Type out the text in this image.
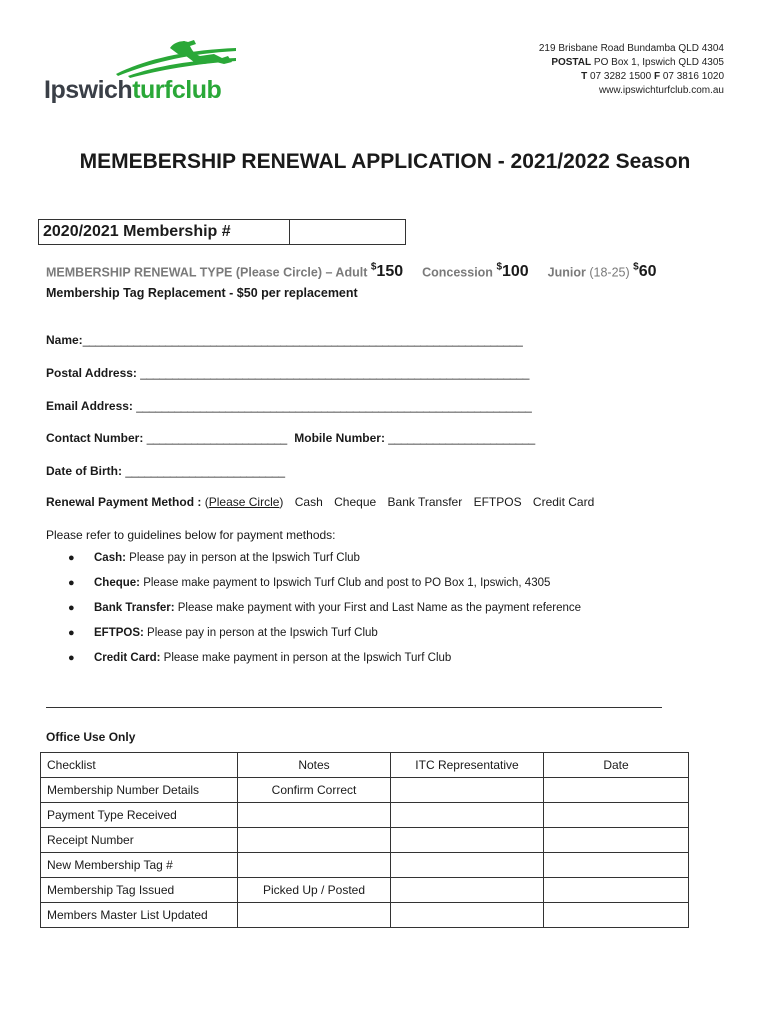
Ipswichturfclub
219 Brisbane Road Bundamba QLD 4304
POSTAL PO Box 1, Ipswich QLD 4305
T 07 3282 1500 F 07 3816 1020
www.ipswichturfclub.com.au
MEMEBERSHIP RENEWAL APPLICATION - 2021/2022 Season
2020/2021 Membership #
MEMBERSHIP RENEWAL TYPE (Please Circle) – Adult $150 Concession $100 Junior (18-25) $60
Membership Tag Replacement - $50 per replacement
Name:_____________________________________________________________________
Postal Address: _____________________________________________________________
Email Address: ______________________________________________________________
Contact Number: ______________________ Mobile Number: _______________________
Date of Birth: _________________________
Renewal Payment Method : (Please Circle) Cash Cheque Bank Transfer EFTPOS Credit Card
Please refer to guidelines below for payment methods:
● Cash: Please pay in person at the Ipswich Turf Club
● Cheque: Please make payment to Ipswich Turf Club and post to PO Box 1, Ipswich, 4305
● Bank Transfer: Please make payment with your First and Last Name as the payment reference
● EFTPOS: Please pay in person at the Ipswich Turf Club
● Credit Card: Please make payment in person at the Ipswich Turf Club
Office Use Only
Checklist	Notes	ITC Representative	Date
Membership Number Details	Confirm Correct		
Payment Type Received			
Receipt Number			
New Membership Tag #			
Membership Tag Issued	Picked Up / Posted		
Members Master List Updated			
